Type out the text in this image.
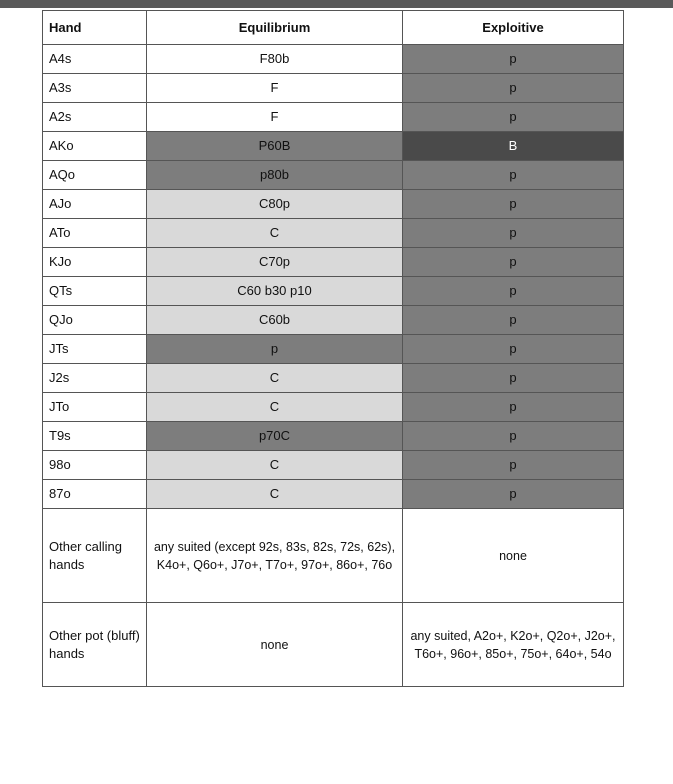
Hand	Equilibrium	Exploitive
A4s	F80b	p
A3s	F	p
A2s	F	p
AKo	P60B	B
AQo	p80b	p
AJo	C80p	p
ATo	C	p
KJo	C70p	p
QTs	C60 b30 p10	p
QJo	C60b	p
JTs	p	p
J2s	C	p
JTo	C	p
T9s	p70C	p
98o	C	p
87o	C	p
Other calling hands	any suited (except 92s, 83s, 82s, 72s, 62s), K4o+, Q6o+, J7o+, T7o+, 97o+, 86o+, 76o	none
Other pot (bluff) hands	none	any suited, A2o+, K2o+, Q2o+, J2o+, T6o+, 96o+, 85o+, 75o+, 64o+, 54o
